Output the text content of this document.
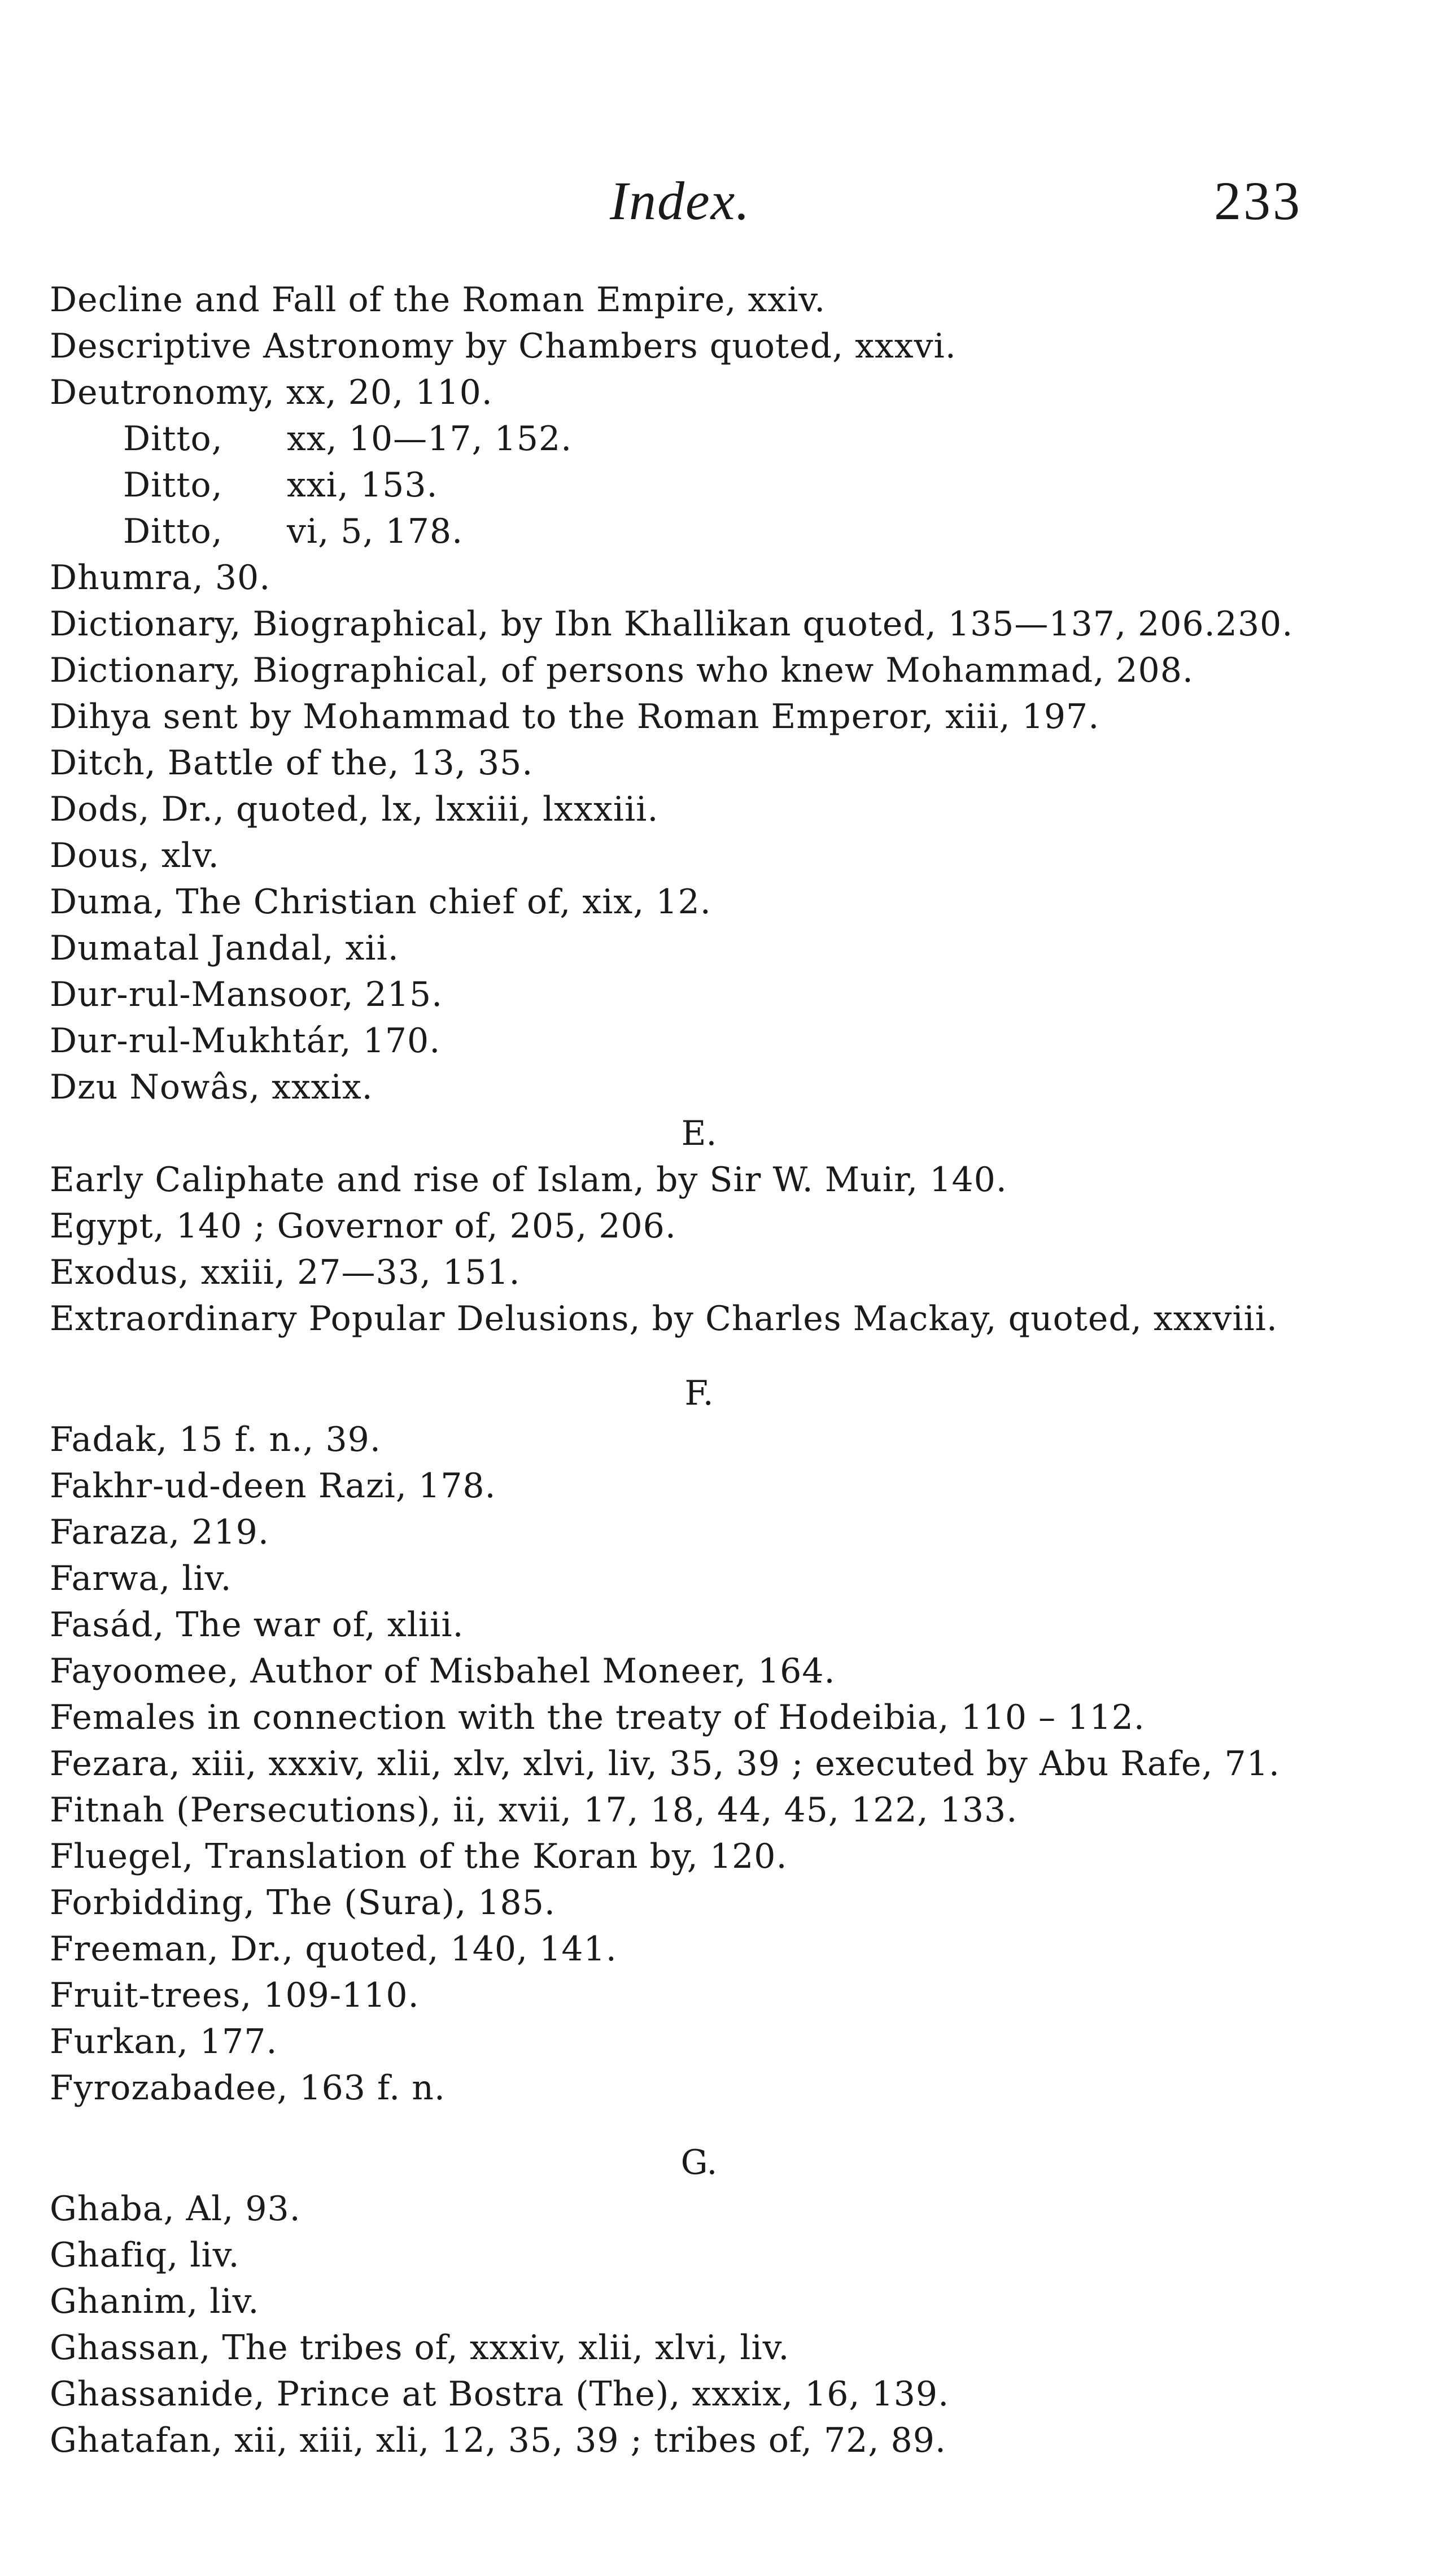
Index.	233
Decline and Fall of the Roman Empire, xxiv.
Descriptive Astronomy by Chambers quoted, xxxvi.
Deutronomy, xx, 20, 110.
Ditto, xx, 10—17, 152.
Ditto, xxi, 153.
Ditto, vi, 5, 178.
Dhumra, 30.
Dictionary, Biographical, by Ibn Khallikan quoted, 135—137, 206.230.
Dictionary, Biographical, of persons who knew Mohammad, 208.
Dihya sent by Mohammad to the Roman Emperor, xiii, 197.
Ditch, Battle of the, 13, 35.
Dods, Dr., quoted, lx, lxxiii, lxxxiii.
Dous, xlv.
Duma, The Christian chief of, xix, 12.
Dumatal Jandal, xii.
Dur-rul-Mansoor, 215.
Dur-rul-Mukhtár, 170.
Dzu Nowâs, xxxix.
E.
Early Caliphate and rise of Islam, by Sir W. Muir, 140.
Egypt, 140 ; Governor of, 205, 206.
Exodus, xxiii, 27—33, 151.
Extraordinary Popular Delusions, by Charles Mackay, quoted, xxxviii.
F.
Fadak, 15 f. n., 39.
Fakhr-ud-deen Razi, 178.
Faraza, 219.
Farwa, liv.
Fasád, The war of, xliii.
Fayoomee, Author of Misbahel Moneer, 164.
Females in connection with the treaty of Hodeibia, 110 – 112.
Fezara, xiii, xxxiv, xlii, xlv, xlvi, liv, 35, 39 ; executed by Abu Rafe, 71.
Fitnah (Persecutions), ii, xvii, 17, 18, 44, 45, 122, 133.
Fluegel, Translation of the Koran by, 120.
Forbidding, The (Sura), 185.
Freeman, Dr., quoted, 140, 141.
Fruit-trees, 109-110.
Furkan, 177.
Fyrozabadee, 163 f. n.
G.
Ghaba, Al, 93.
Ghafiq, liv.
Ghanim, liv.
Ghassan, The tribes of, xxxiv, xlii, xlvi, liv.
Ghassanide, Prince at Bostra (The), xxxix, 16, 139.
Ghatafan, xii, xiii, xli, 12, 35, 39 ; tribes of, 72, 89.
